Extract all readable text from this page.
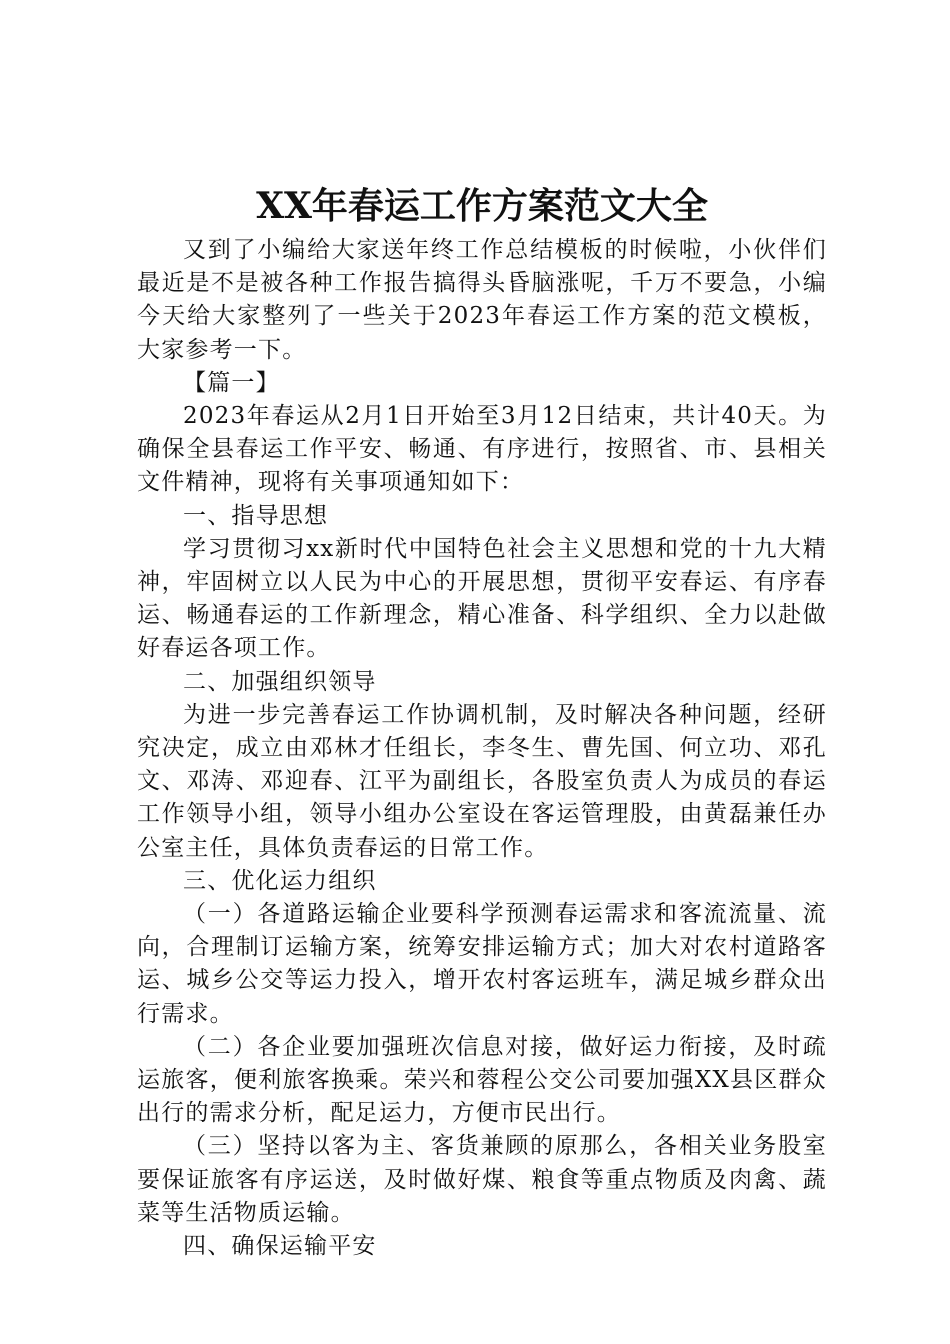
XX年春运工作方案范文大全

又到了小编给大家送年终工作总结模板的时候啦，小伙伴们最近是不是被各种工作报告搞得头昏脑涨呢，千万不要急，小编今天给大家整列了一些关于2023年春运工作方案的范文模板，大家参考一下。

【篇一】

2023年春运从2月1日开始至3月12日结束，共计40天。为确保全县春运工作平安、畅通、有序进行，按照省、市、县相关文件精神，现将有关事项通知如下：

一、指导思想

学习贯彻习xx新时代中国特色社会主义思想和党的十九大精神，牢固树立以人民为中心的开展思想，贯彻平安春运、有序春运、畅通春运的工作新理念，精心准备、科学组织、全力以赴做好春运各项工作。

二、加强组织领导

为进一步完善春运工作协调机制，及时解决各种问题，经研究决定，成立由邓林才任组长，李冬生、曹先国、何立功、邓孔文、邓涛、邓迎春、江平为副组长，各股室负责人为成员的春运工作领导小组，领导小组办公室设在客运管理股，由黄磊兼任办公室主任，具体负责春运的日常工作。

三、优化运力组织

（一）各道路运输企业要科学预测春运需求和客流流量、流向，合理制订运输方案，统筹安排运输方式；加大对农村道路客运、城乡公交等运力投入，增开农村客运班车，满足城乡群众出行需求。

（二）各企业要加强班次信息对接，做好运力衔接，及时疏运旅客，便利旅客换乘。荣兴和蓉程公交公司要加强XX县区群众出行的需求分析，配足运力，方便市民出行。

（三）坚持以客为主、客货兼顾的原那么，各相关业务股室要保证旅客有序运送，及时做好煤、粮食等重点物质及肉禽、蔬菜等生活物质运输。

四、确保运输平安
